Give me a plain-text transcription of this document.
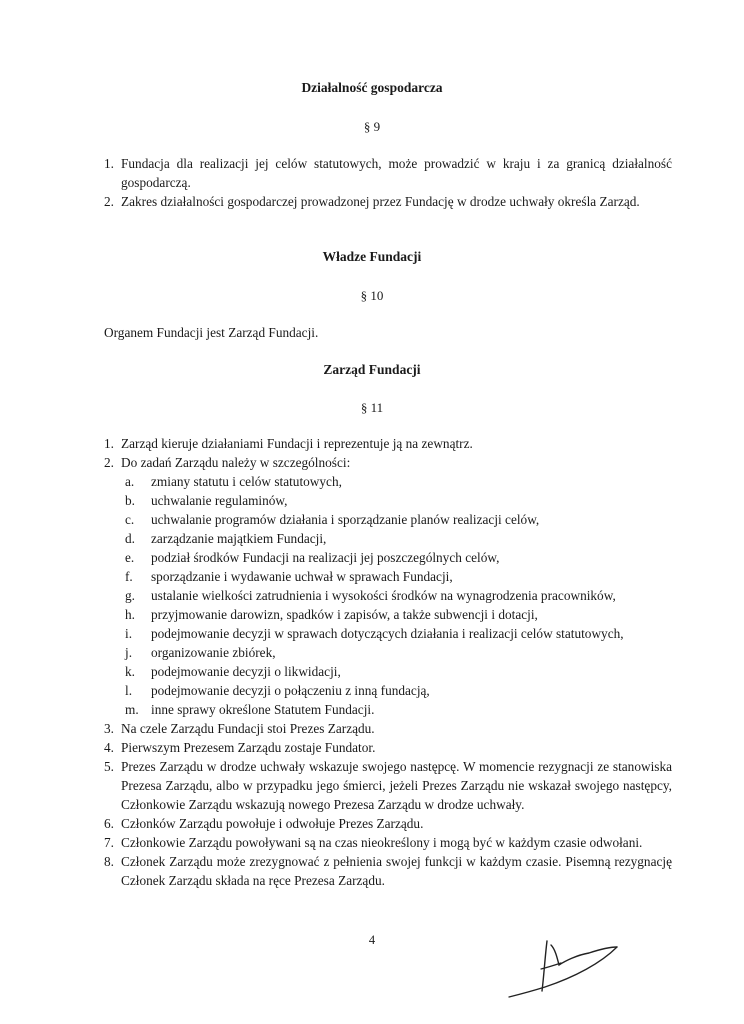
Działalność gospodarcza
§ 9
1. Fundacja dla realizacji jej celów statutowych, może prowadzić w kraju i za granicą działalność gospodarczą.
2. Zakres działalności gospodarczej prowadzonej przez Fundację w drodze uchwały określa Zarząd.
Władze Fundacji
§ 10
Organem Fundacji jest Zarząd Fundacji.
Zarząd Fundacji
§ 11
1. Zarząd kieruje działaniami Fundacji i reprezentuje ją na zewnątrz.
2. Do zadań Zarządu należy w szczególności:
a. zmiany statutu i celów statutowych,
b. uchwalanie regulaminów,
c. uchwalanie programów działania i sporządzanie planów realizacji celów,
d. zarządzanie majątkiem Fundacji,
e. podział środków Fundacji na realizacji jej poszczególnych celów,
f. sporządzanie i wydawanie uchwał w sprawach Fundacji,
g. ustalanie wielkości zatrudnienia i wysokości środków na wynagrodzenia pracowników,
h. przyjmowanie darowizn, spadków i zapisów, a także subwencji i dotacji,
i. podejmowanie decyzji w sprawach dotyczących działania i realizacji celów statutowych,
j. organizowanie zbiórek,
k. podejmowanie decyzji o likwidacji,
l. podejmowanie decyzji o połączeniu z inną fundacją,
m. inne sprawy określone Statutem Fundacji.
3. Na czele Zarządu Fundacji stoi Prezes Zarządu.
4. Pierwszym Prezesem Zarządu zostaje Fundator.
5. Prezes Zarządu w drodze uchwały wskazuje swojego następcę. W momencie rezygnacji ze stanowiska Prezesa Zarządu, albo w przypadku jego śmierci, jeżeli Prezes Zarządu nie wskazał swojego następcy, Członkowie Zarządu wskazują nowego Prezesa Zarządu w drodze uchwały.
6. Członków Zarządu powołuje i odwołuje Prezes Zarządu.
7. Członkowie Zarządu powoływani są na czas nieokreślony i mogą być w każdym czasie odwołani.
8. Członek Zarządu może zrezygnować z pełnienia swojej funkcji w każdym czasie. Pisemną rezygnację Członek Zarządu składa na ręce Prezesa Zarządu.
4
